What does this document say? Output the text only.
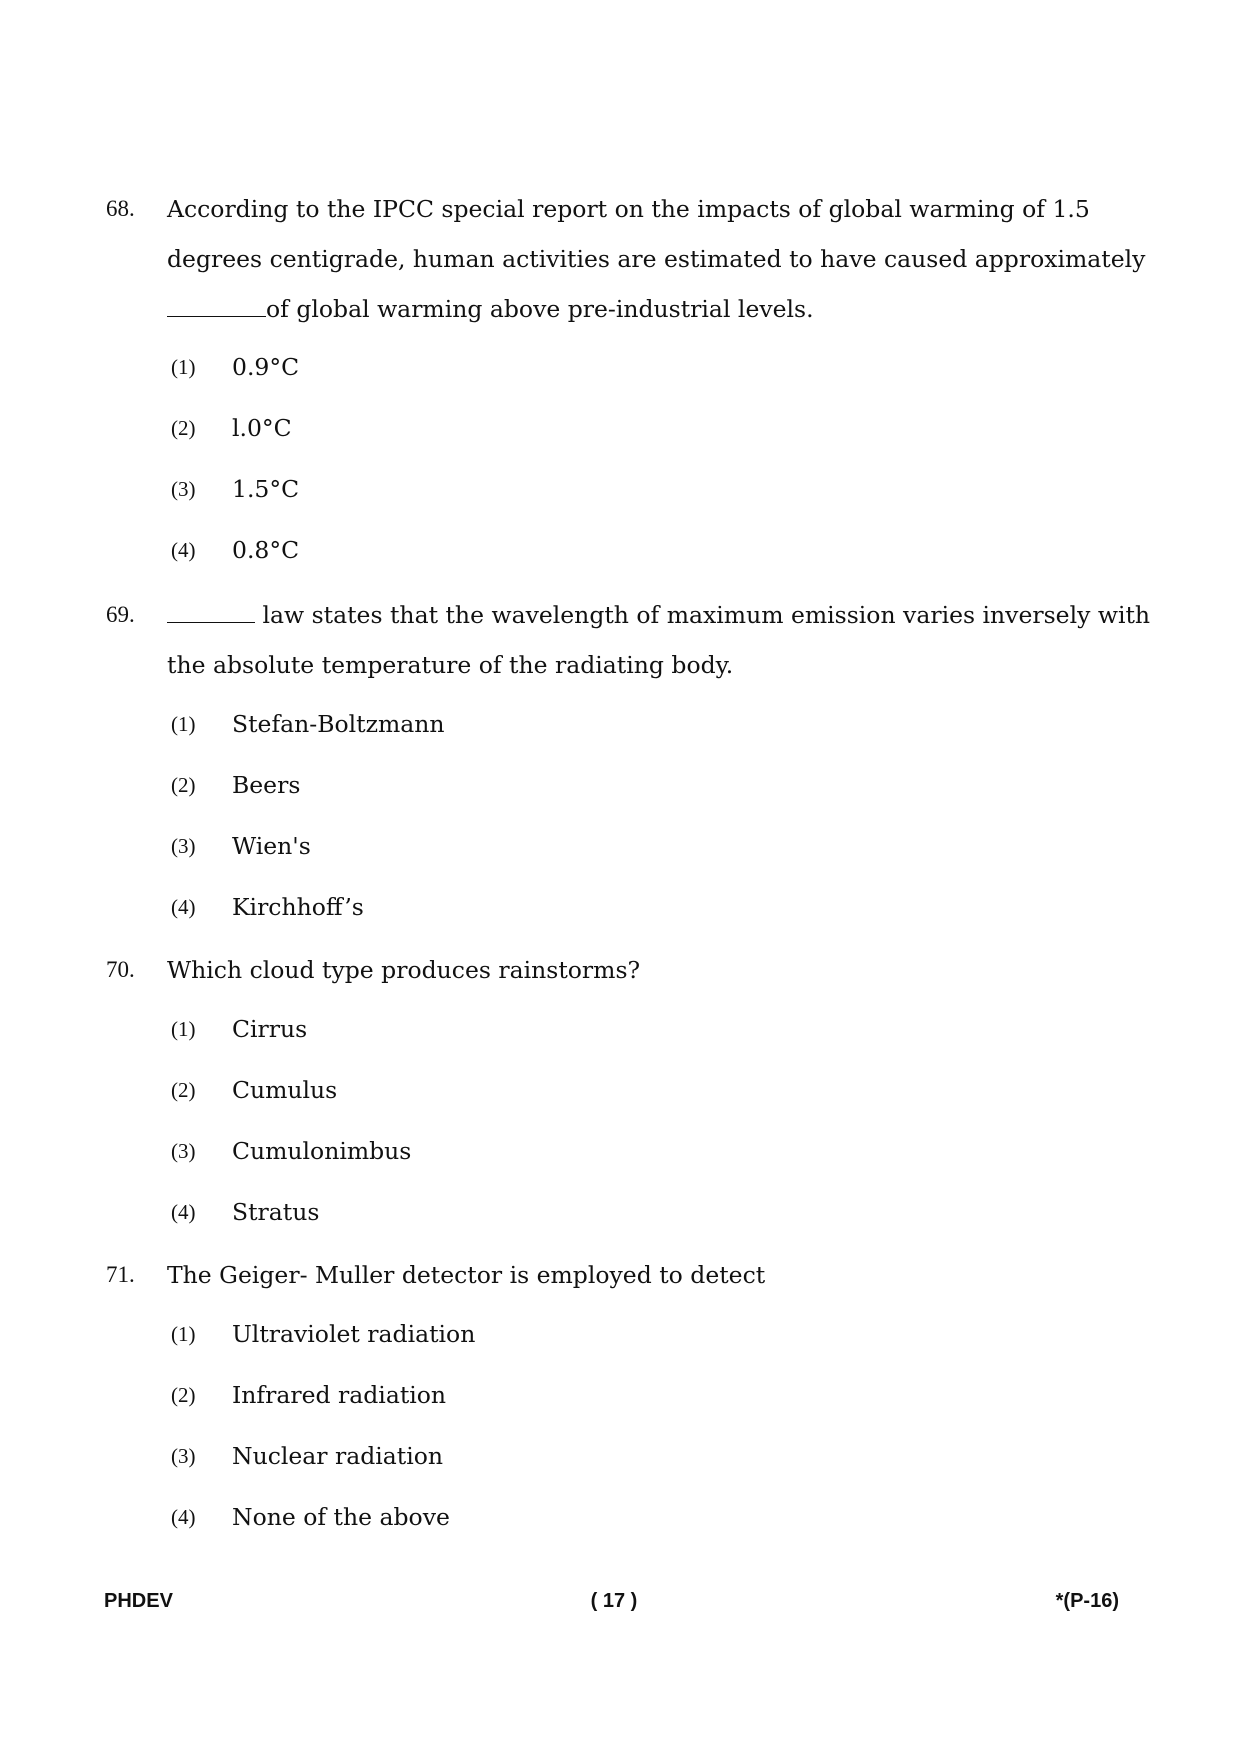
68. According to the IPCC special report on the impacts of global warming of 1.5
degrees centigrade, human activities are estimated to have caused approximately
of global warming above pre-industrial levels.
(1) 0.9°C
(2) l.0°C
(3) 1.5°C
(4) 0.8°C
69.	law states that the wavelength of maximum emission varies inversely with
the absolute temperature of the radiating body.
(1) Stefan-Boltzmann
(2) Beers
(3) Wien's
(4) Kirchhoff’s
70. Which cloud type produces rainstorms?
(1) Cirrus
(2) Cumulus
(3) Cumulonimbus
(4) Stratus
71. The Geiger- Muller detector is employed to detect
(1) Ultraviolet radiation
(2) Infrared radiation
(3) Nuclear radiation
(4) None of the above
PHDEV	( 17 )	*(P-16)
